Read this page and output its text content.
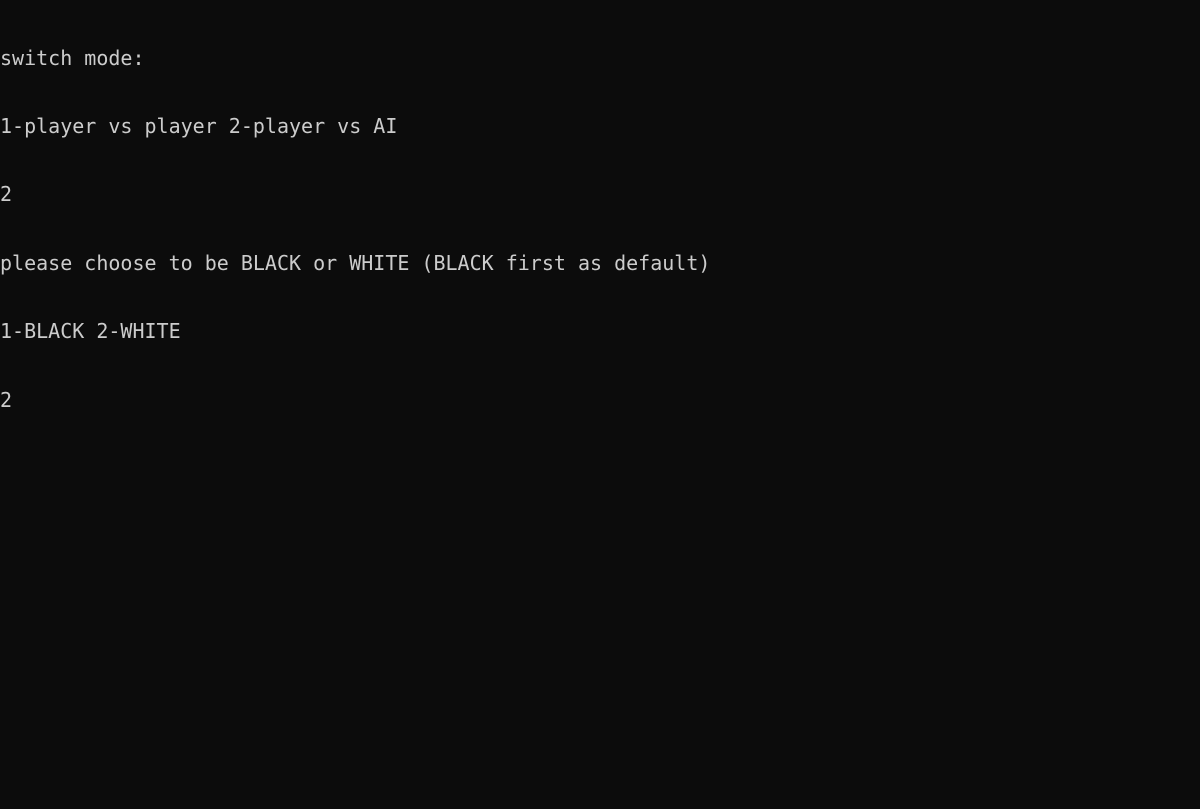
switch mode:

1-player vs player 2-player vs AI

2

please choose to be BLACK or WHITE (BLACK first as default)

1-BLACK 2-WHITE

2
